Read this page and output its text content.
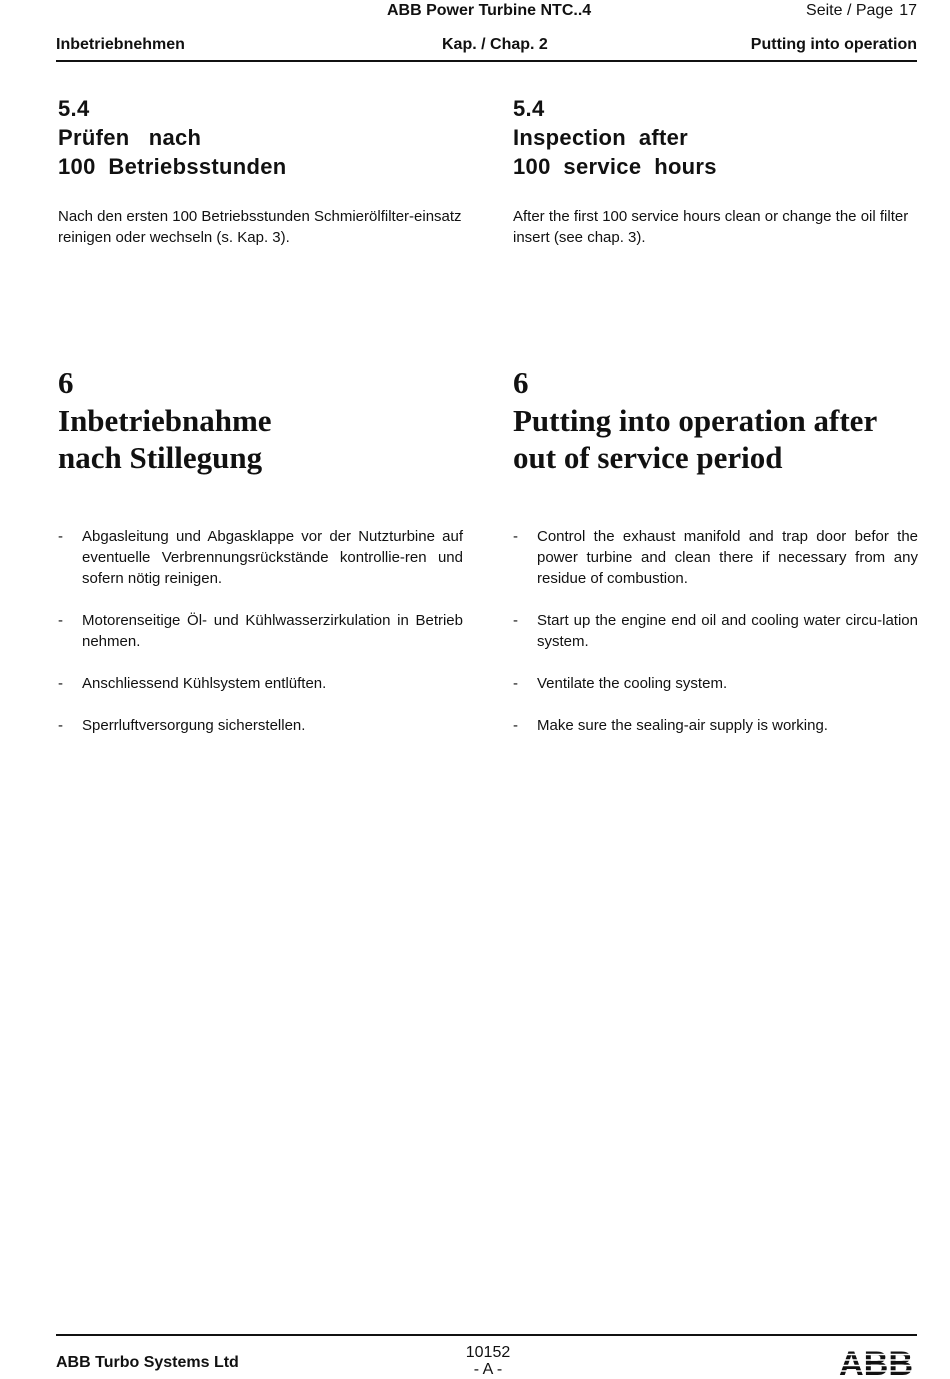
ABB Power Turbine NTC..4	Seite / Page 17
Inbetriebnehmen	Kap. / Chap. 2	Putting into operation
5.4
Prüfen   nach
100  Betriebsstunden
5.4
Inspection  after
100  service  hours

Nach den ersten 100 Betriebsstunden Schmierölfilter-einsatz reinigen oder wechseln (s. Kap. 3).

After the first 100 service hours clean or change the oil filter insert (see chap. 3).

6
Inbetriebnahme
nach Stillegung
6
Putting into operation after
out of service period
- Abgasleitung und Abgasklappe vor der Nutzturbine auf eventuelle Verbrennungsrückstände kontrollie-ren und sofern nötig reinigen.
- Motorenseitige Öl- und Kühlwasserzirkulation in Betrieb nehmen.
- Anschliessend Kühlsystem entlüften.
- Sperrluftversorgung sicherstellen.
- Control the exhaust manifold and trap door befor the power turbine and clean there if necessary from any residue of combustion.
- Start up the engine end oil and cooling water circu-lation system.
- Ventilate the cooling system.
- Make sure the sealing-air supply is working.
ABB Turbo Systems Ltd
10152
- A -	ABB
